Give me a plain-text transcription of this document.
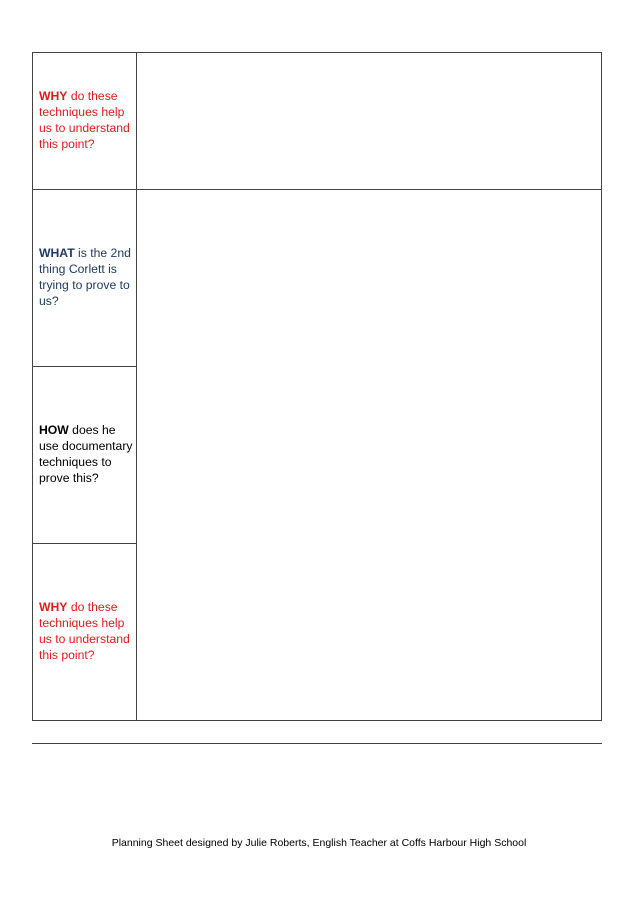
WHY do these techniques help us to understand this point?
WHAT is the 2nd thing Corlett is trying to prove to us?
HOW does he use documentary techniques to prove this?
WHY do these techniques help us to understand this point?
Planning Sheet designed by Julie Roberts, English Teacher at Coffs Harbour High School
